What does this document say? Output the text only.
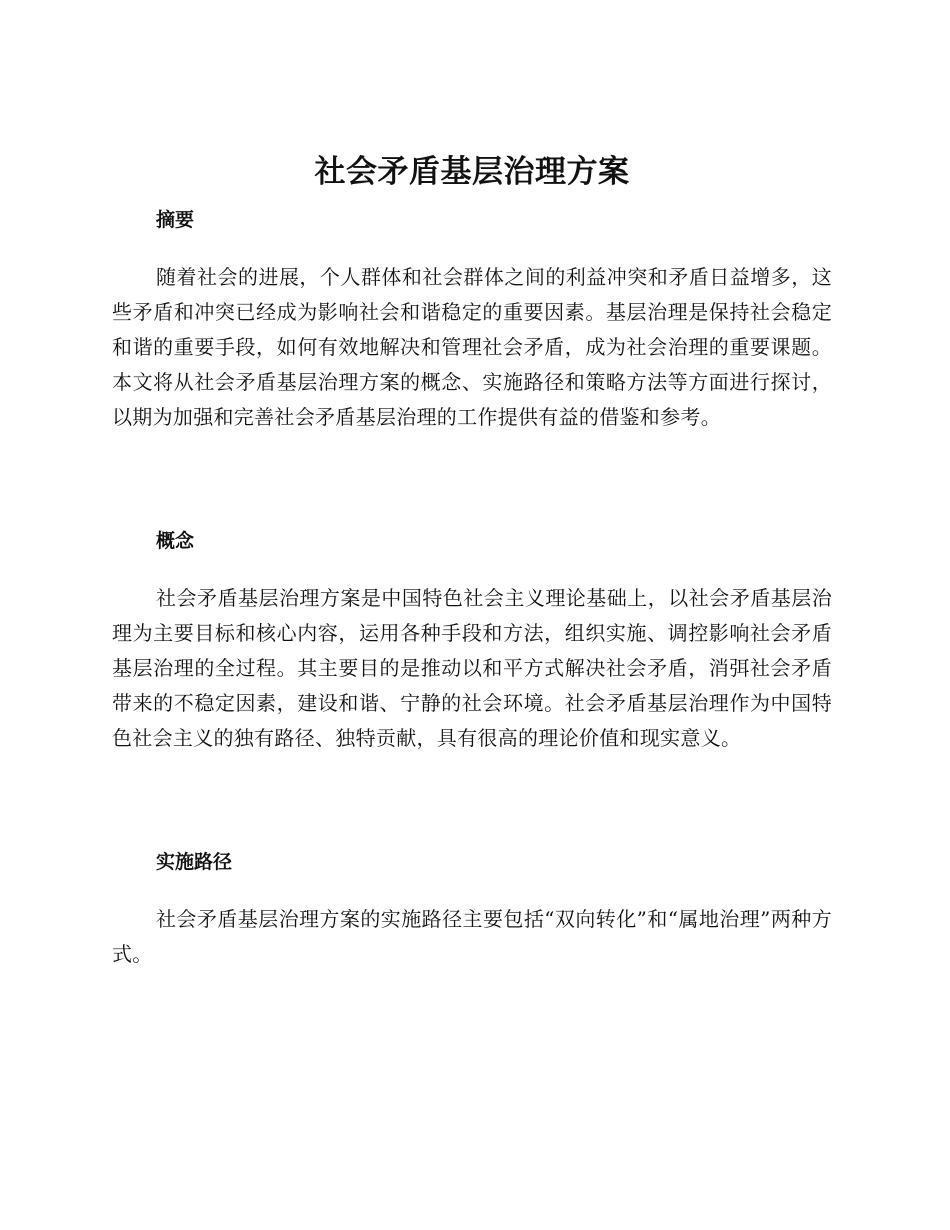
社会矛盾基层治理方案
摘要

随着社会的进展，个人群体和社会群体之间的利益冲突和矛盾日益增多，这些矛盾和冲突已经成为影响社会和谐稳定的重要因素。基层治理是保持社会稳定和谐的重要手段，如何有效地解决和管理社会矛盾，成为社会治理的重要课题。本文将从社会矛盾基层治理方案的概念、实施路径和策略方法等方面进行探讨，以期为加强和完善社会矛盾基层治理的工作提供有益的借鉴和参考。

概念

社会矛盾基层治理方案是中国特色社会主义理论基础上，以社会矛盾基层治理为主要目标和核心内容，运用各种手段和方法，组织实施、调控影响社会矛盾基层治理的全过程。其主要目的是推动以和平方式解决社会矛盾，消弭社会矛盾带来的不稳定因素，建设和谐、宁静的社会环境。社会矛盾基层治理作为中国特色社会主义的独有路径、独特贡献，具有很高的理论价值和现实意义。

实施路径

社会矛盾基层治理方案的实施路径主要包括“双向转化”和“属地治理”两种方式。
